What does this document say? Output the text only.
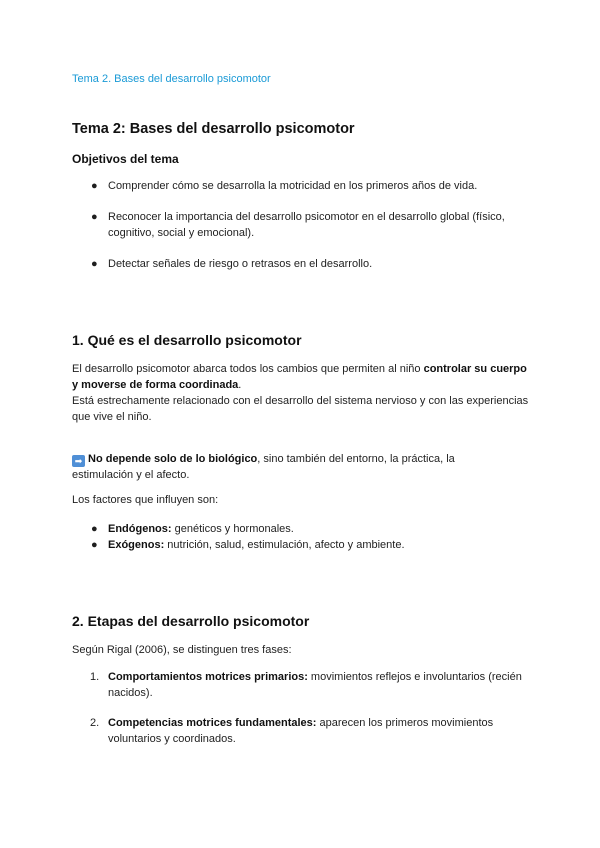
Tema 2. Bases del desarrollo psicomotor

Tema 2: Bases del desarrollo psicomotor

Objetivos del tema

● Comprender cómo se desarrolla la motricidad en los primeros años de vida.
● Reconocer la importancia del desarrollo psicomotor en el desarrollo global (físico, cognitivo, social y emocional).
● Detectar señales de riesgo o retrasos en el desarrollo.

1. Qué es el desarrollo psicomotor

El desarrollo psicomotor abarca todos los cambios que permiten al niño controlar su cuerpo y moverse de forma coordinada.
Está estrechamente relacionado con el desarrollo del sistema nervioso y con las experiencias que vive el niño.

➡ No depende solo de lo biológico, sino también del entorno, la práctica, la estimulación y el afecto.

Los factores que influyen son:

● Endógenos: genéticos y hormonales.
● Exógenos: nutrición, salud, estimulación, afecto y ambiente.

2. Etapas del desarrollo psicomotor

Según Rigal (2006), se distinguen tres fases:

1. Comportamientos motrices primarios: movimientos reflejos e involuntarios (recién nacidos).
2. Competencias motrices fundamentales: aparecen los primeros movimientos voluntarios y coordinados.
